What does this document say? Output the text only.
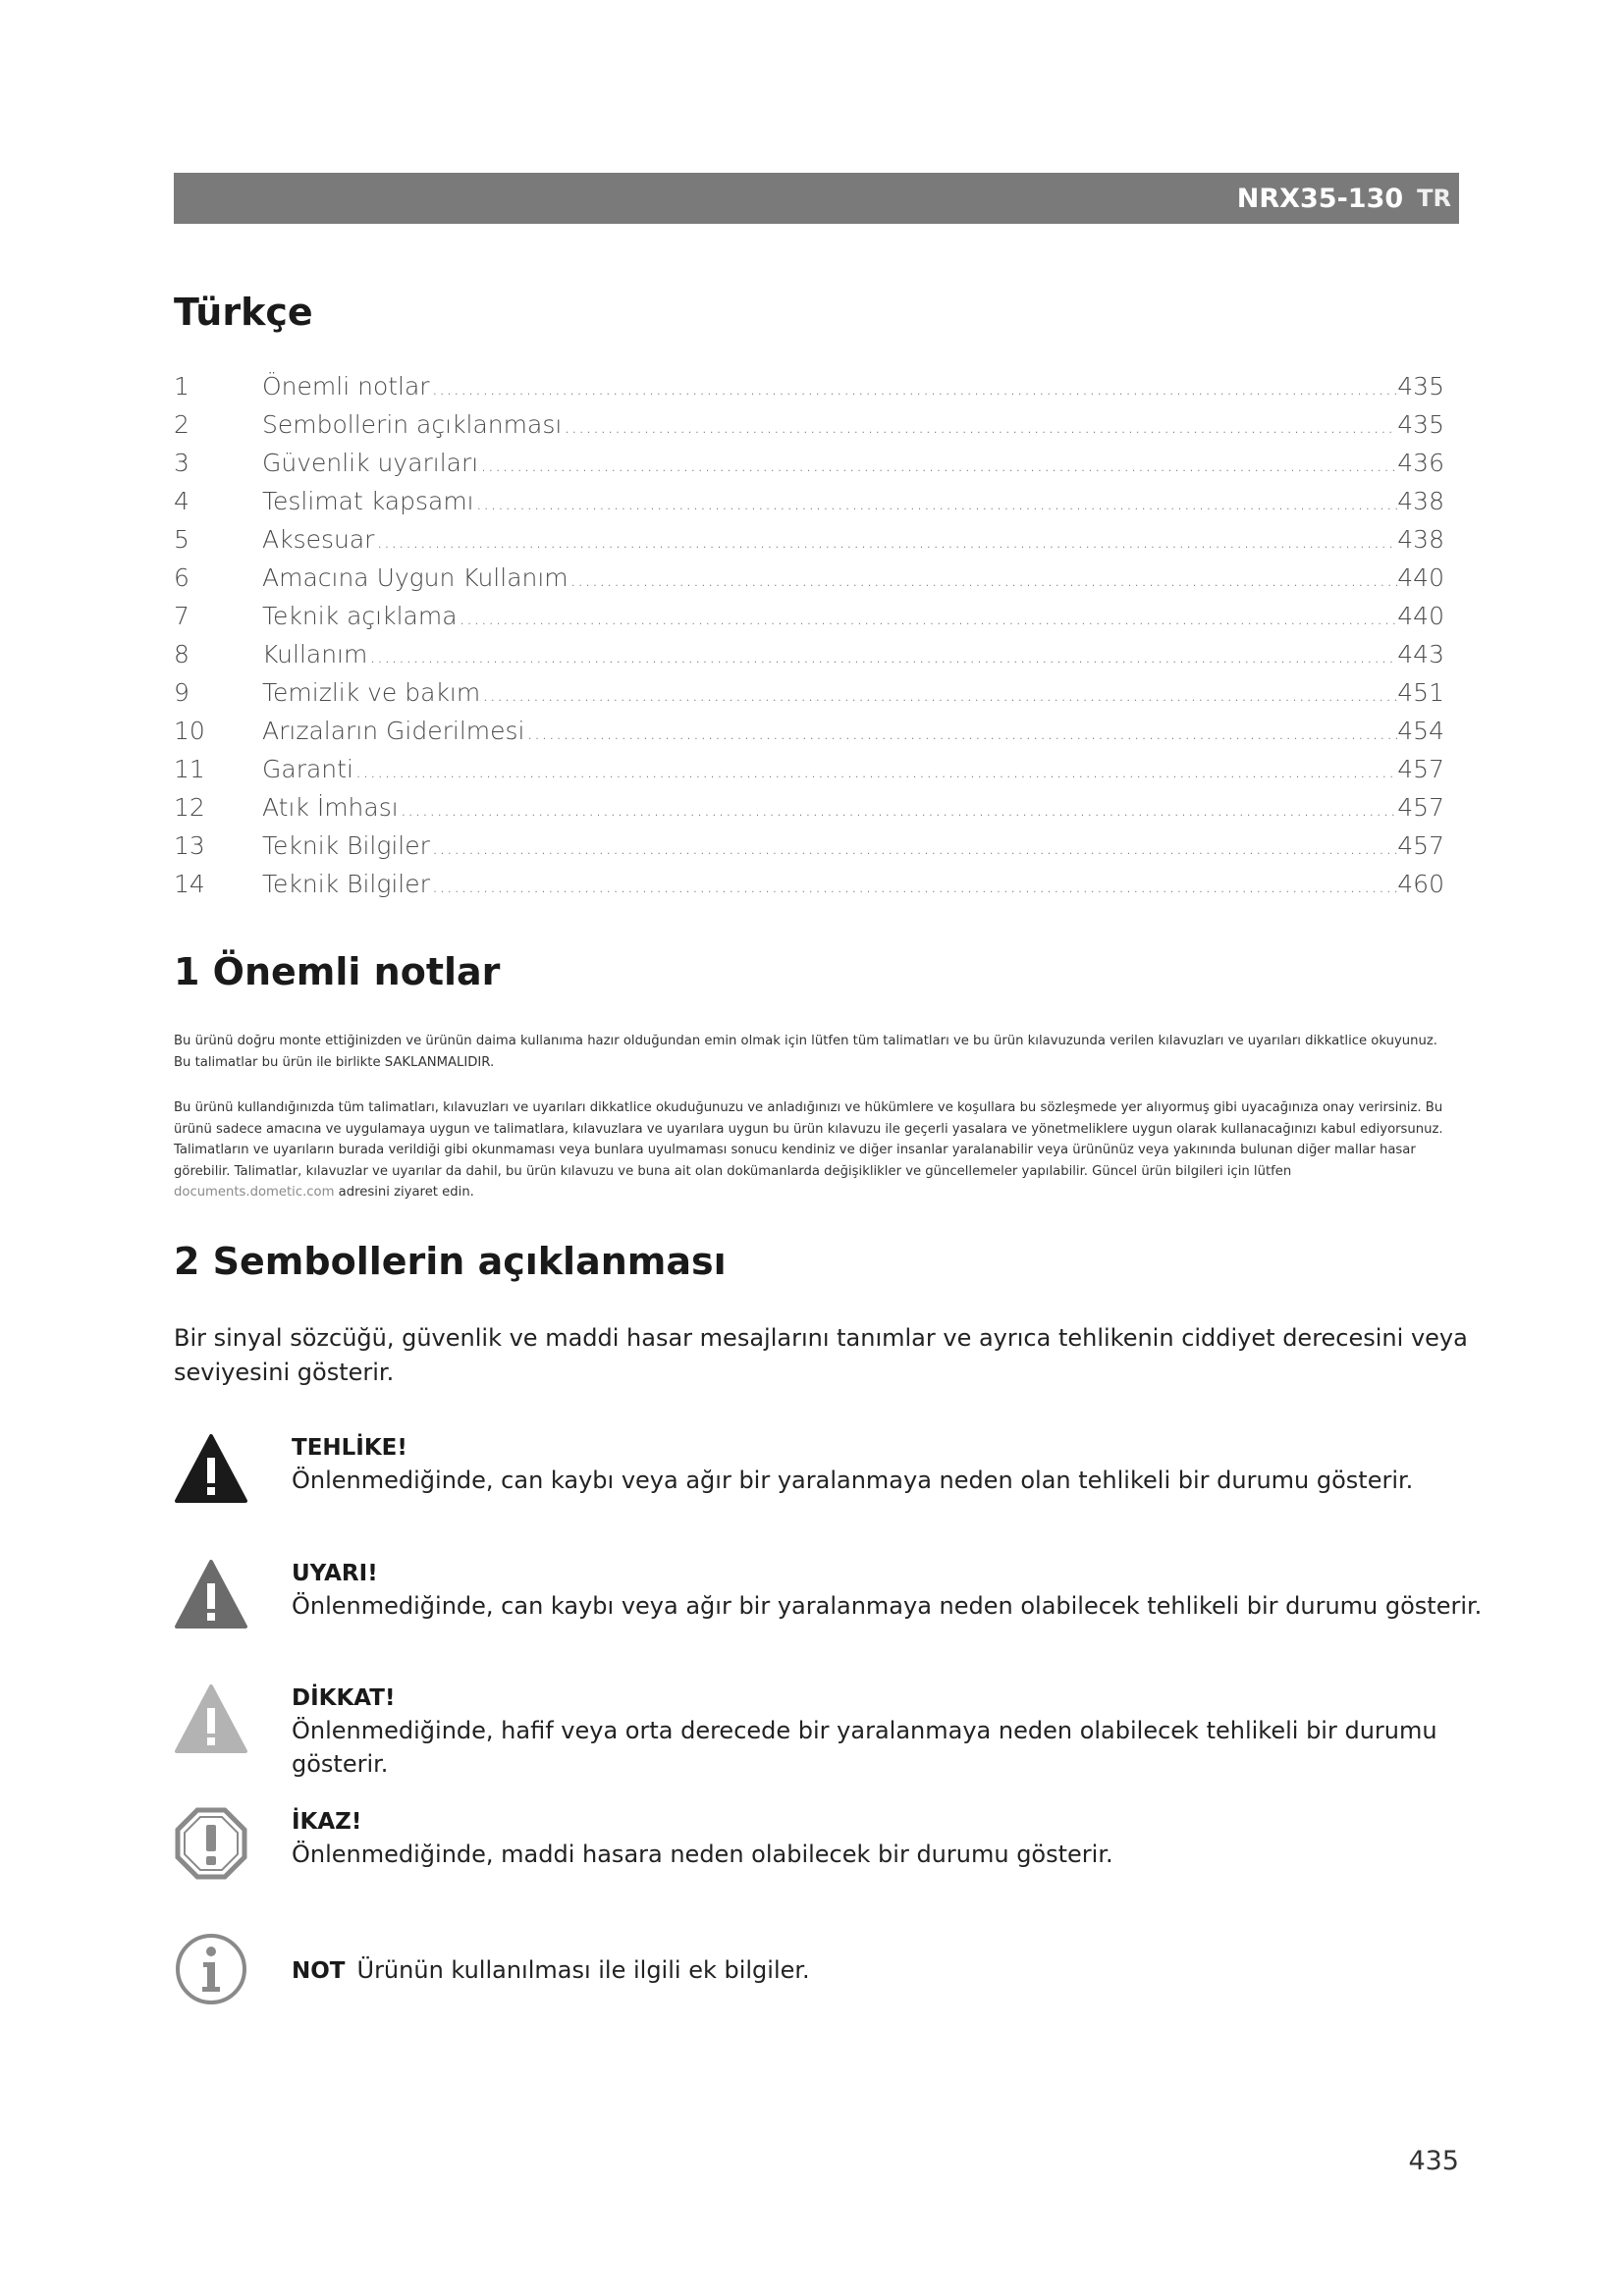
NRX35-130 TR
Türkçe
1	Önemli notlar .....	435
2	Sembollerin açıklanması .....	435
3	Güvenlik uyarıları .....	436
4	Teslimat kapsamı .....	438
5	Aksesuar .....	438
6	Amacına Uygun Kullanım .....	440
7	Teknik açıklama .....	440
8	Kullanım .....	443
9	Temizlik ve bakım .....	451
10	Arızaların Giderilmesi .....	454
11	Garanti .....	457
12	Atık İmhası .....	457
13	Teknik Bilgiler .....	457
14	Teknik Bilgiler .....	460
1 Önemli notlar

Bu ürünü doğru monte ettiğinizden ve ürünün daima kullanıma hazır olduğundan emin olmak için lütfen tüm talimatları ve bu ürün kılavuzunda verilen kılavuzları ve uyarıları dikkatlice okuyunuz. Bu talimatlar bu ürün ile birlikte SAKLANMALIDIR.

Bu ürünü kullandığınızda tüm talimatları, kılavuzları ve uyarıları dikkatlice okuduğunuzu ve anladığınızı ve hükümlere ve koşullara bu sözleşmede yer alıyormuş gibi uyacağınıza onay verirsiniz. Bu ürünü sadece amacına ve uygulamaya uygun ve talimatlara, kılavuzlara ve uyarılara uygun bu ürün kılavuzu ile geçerli yasalara ve yönetmeliklere uygun olarak kullanacağınızı kabul ediyorsunuz. Talimatların ve uyarıların burada verildiği gibi okunmaması veya bunlara uyulmaması sonucu kendiniz ve diğer insanlar yaralanabilir veya ürününüz veya yakınında bulunan diğer mallar hasar görebilir. Talimatlar, kılavuzlar ve uyarılar da dahil, bu ürün kılavuzu ve buna ait olan dokümanlarda değişiklikler ve güncellemeler yapılabilir. Güncel ürün bilgileri için lütfen documents.dometic.com adresini ziyaret edin.

2 Sembollerin açıklanması

Bir sinyal sözcüğü, güvenlik ve maddi hasar mesajlarını tanımlar ve ayrıca tehlikenin ciddiyet derecesini veya seviyesini gösterir.

TEHLİKE!
Önlenmediğinde, can kaybı veya ağır bir yaralanmaya neden olan tehlikeli bir durumu gösterir.
UYARI!
Önlenmediğinde, can kaybı veya ağır bir yaralanmaya neden olabilecek tehlikeli bir durumu gösterir.
DİKKAT!
Önlenmediğinde, hafif veya orta derecede bir yaralanmaya neden olabilecek tehlikeli bir durumu gösterir.
İKAZ!
Önlenmediğinde, maddi hasara neden olabilecek bir durumu gösterir.
NOT Ürünün kullanılması ile ilgili ek bilgiler.
435
